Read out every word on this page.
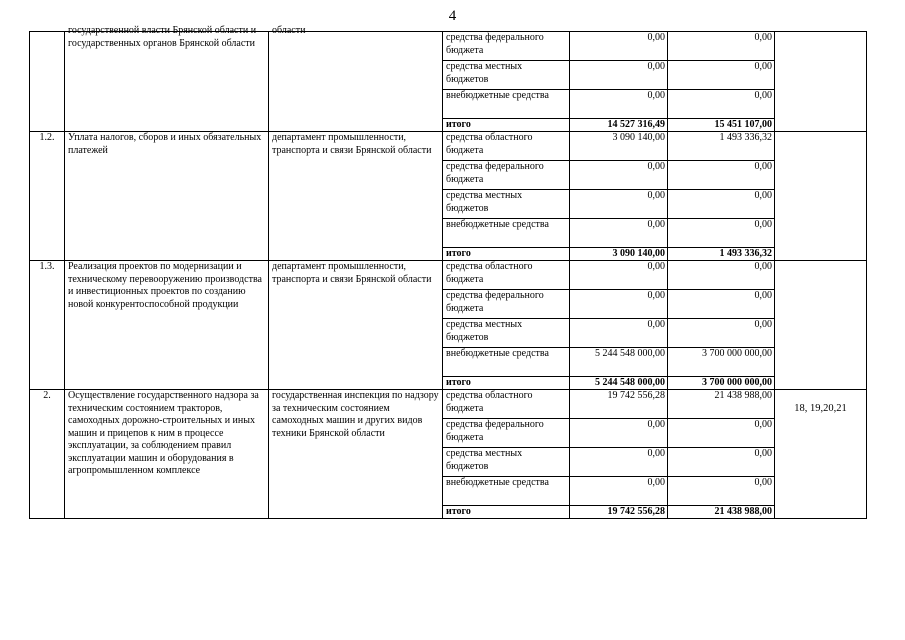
4

	государственной власти Брянской области и государственных органов Брянской области	области	средства федерального бюджета	0,00	0,00	
			средства местных бюджетов	0,00	0,00	
			внебюджетные средства	0,00	0,00	
			итого	14 527 316,49	15 451 107,00	
1.2.	Уплата налогов, сборов и иных обязательных платежей	департамент промышленности, транспорта и связи Брянской области	средства областного бюджета	3 090 140,00	1 493 336,32	
			средства федерального бюджета	0,00	0,00	
			средства местных бюджетов	0,00	0,00	
			внебюджетные средства	0,00	0,00	
			итого	3 090 140,00	1 493 336,32	
1.3.	Реализация проектов по модернизации и техническому перевооружению производства и инвестиционных проектов по созданию новой конкурентоспособной продукции	департамент промышленности, транспорта и связи Брянской области	средства областного бюджета	0,00	0,00	
			средства федерального бюджета	0,00	0,00	
			средства местных бюджетов	0,00	0,00	
			внебюджетные средства	5 244 548 000,00	3 700 000 000,00	
			итого	5 244 548 000,00	3 700 000 000,00	
2.	Осуществление государственного надзора за техническим состоянием тракторов, самоходных дорожно-строительных и иных машин и прицепов к ним в процессе эксплуатации, за соблюдением правил эксплуатации машин и оборудования в агропромышленном комплексе	государственная инспекция по надзору за техническим состоянием самоходных машин и других видов техники Брянской области	средства областного бюджета	19 742 556,28	21 438 988,00	18, 19,20,21
			средства федерального бюджета	0,00	0,00	
			средства местных бюджетов	0,00	0,00	
			внебюджетные средства	0,00	0,00	
			итого	19 742 556,28	21 438 988,00	
